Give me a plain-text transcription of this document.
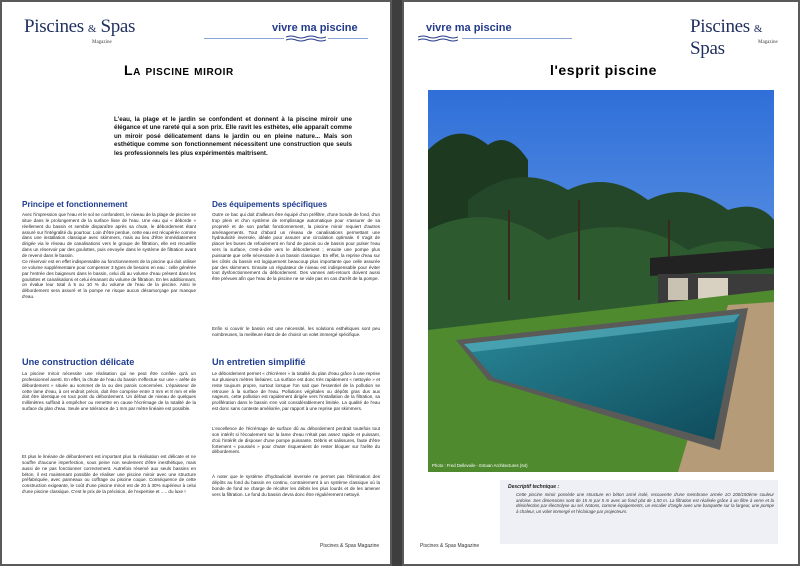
Piscines & Spas
Magazine
vivre ma piscine
La piscine miroir
L'eau, la plage et le jardin se confondent et donnent à la piscine miroir une élégance et une rareté qui a son prix. Elle ravit les esthètes, elle apparaît comme un miroir posé délicatement dans le jardin ou en pleine nature... Mais son esthétique comme son fonctionnement nécessitent une construction que seuls les professionnels les plus expérimentés maîtrisent.
Principe et fonctionnement
Avec l'impression que l'eau et le sol se confondent, le niveau de la plage de piscine se situe dans le prolongement de la surface lisse de l'eau. Une eau qui « déborde » réellement du bassin et semble disparaître après sa chute, le débordement étant assuré sur l'intégralité du pourtour. Loin d'être perdue, cette eau est récupérée comme dans une installation classique avec skimmers, mais au lieu d'être immédiatement dirigée via le réseau de canalisations vers le groupe de filtration, elle est recueillie dans un réservoir par des goulottes, puis envoyée dans le système de filtration avant de revenir dans le bassin.
Ce réservoir est en effet indispensable au fonctionnement de la piscine qui doit utiliser ce volume supplémentaire pour compenser 3 types de besoins en eau : celle générée par l'entrée des baigneurs dans le bassin, celui dû au volume d'eau présent dans les goulottes et canalisations et celui émanant du volume de filtration. En les additionnant, on évalue leur total à 5 ou 10 % du volume de l'eau de la piscine. Ainsi le débordement sera assuré et la pompe ne risque aucun désamorçage par manque d'eau.
Une construction délicate
La piscine miroir nécessite une réalisation qui ne peut être confiée qu'à un professionnel averti. En effet, la chute de l'eau du bassin s'effectue sur une « arête de débordement » située au sommet de la ou des parois concernées. L'épaisseur de cette lame d'eau, à cet endroit précis, doit être comprise entre 3 mm et 8 mm et elle doit être identique en tout point du débordement. Un défaut de niveau de quelques millimètres suffirait à empêcher ou remettre en cause l'écrémage de la totalité de la surface du plan d'eau. Seule une tolérance de 1 mm par mètre linéaire est possible.
Et plus le linéaire de débordement est important plus la réalisation est délicate et ne souffre d'aucune imperfection, sous peine non seulement d'être inesthétique, mais aussi de ne pas fonctionner correctement. Autrefois réservé aux seuls bassins en béton, il est maintenant possible de réaliser une piscine miroir avec une structure préfabriquée, avec panneaux ou coffrage ou piscine coque. Conséquence de cette construction exigeante, le coût d'une piscine miroir est de 20 à 30% supérieur à celui d'une piscine classique. C'est le prix de la précision, de l'expertise et ..... du luxe !
Des équipements spécifiques
Outre ce bac qui doit d'ailleurs être équipé d'un préfiltre, d'une bonde de fond, d'un trop plein et d'un système de remplissage automatique pour s'assurer de sa propreté et de son parfait fonctionnement, la piscine miroir requiert d'autres aménagements. Tout d'abord un réseau de canalisations permettant une hydraulicité inversée, idéale pour assurer une circulation optimale. Il s'agit de placer les buses de refoulement en fond de parois ou de bassin pour pulser l'eau vers la surface, c'est-à-dire vers le débordement ; ensuite une pompe plus puissante que celle nécessaire à un bassin classique. En effet, la reprise d'eau sur les côtés du bassin est logiquement beaucoup plus importante que celle assurée par des skimmers. Ensuite un régulateur de niveau est indispensable pour éviter tout dysfonctionnement du débordement. Des vannes anti-retours doivent aussi être prévues afin que l'eau de la piscine ne se vide pas en cas d'arrêt de la pompe.
Enfin si couvrir le bassin est une nécessité, les solutions esthétiques sont peu nombreuses, la meilleure étant de de choisir un volet immergé spécifique.
Un entretien simplifié
Le débordement permet « d'écrémer » la totalité du plan d'eau grâce à une reprise sur plusieurs mètres linéaires. La surface est donc très rapidement « nettoyée » et reste toujours propre, surtout lorsque l'on sait que l'essentiel de la pollution se retrouve à la surface de l'eau. Pollutions végétales ou dépôts gras dus aux nageurs, cette pollution est rapidement dirigée vers l'installation de la filtration, sa prolifération dans le bassin s'en voit considérablement limitée. La qualité de l'eau est donc sans conteste améliorée, par rapport à une reprise par skimmers.
L'excellence de l'écrémage de surface dû au débordement perdrait toutefois tout son intérêt si l'écoulement sur la lame d'eau n'était pas assez rapide et puissant, d'où l'intérêt de disposer d'une pompe puissante. Débris et salissures, faute d'être fortement « poussés » pour chuter risqueraient de rester bloquer sur l'arête du débordement.
À noter que le système d'hydraulicité inversée ne permet pas l'élimination des dépôts au fond du bassin en continu, contrairement à un système classique où la bonde de fond se charge de récolter les débris les plus lourds et de les amener vers la filtration. Le fond du bassin devra donc être régulièrement nettoyé.
Piscines & Spas Magazine
vivre ma piscine	Piscines & Spas	Magazine
l'esprit piscine
Photo : Fred Dellevoile - Estuan Architectures (64)
Descriptif technique :
Cette piscine miroir possède une structure en béton armé isolé, recouverte d'une membrane armée 1O 200/150ème couleur ardoise. Ses dimensions sont de 15 m par 5 m avec un fond plat de 1,50 m. La filtration est réalisée grâce à un filtre à verre et la désinfection par électrolyse au sel. Notons, comme équipements, un escalier d'angle avec une banquette sur la largeur, une pompe à chaleur, un volet immergé et l'éclairage par projecteurs.
Piscines & Spas Magazine
